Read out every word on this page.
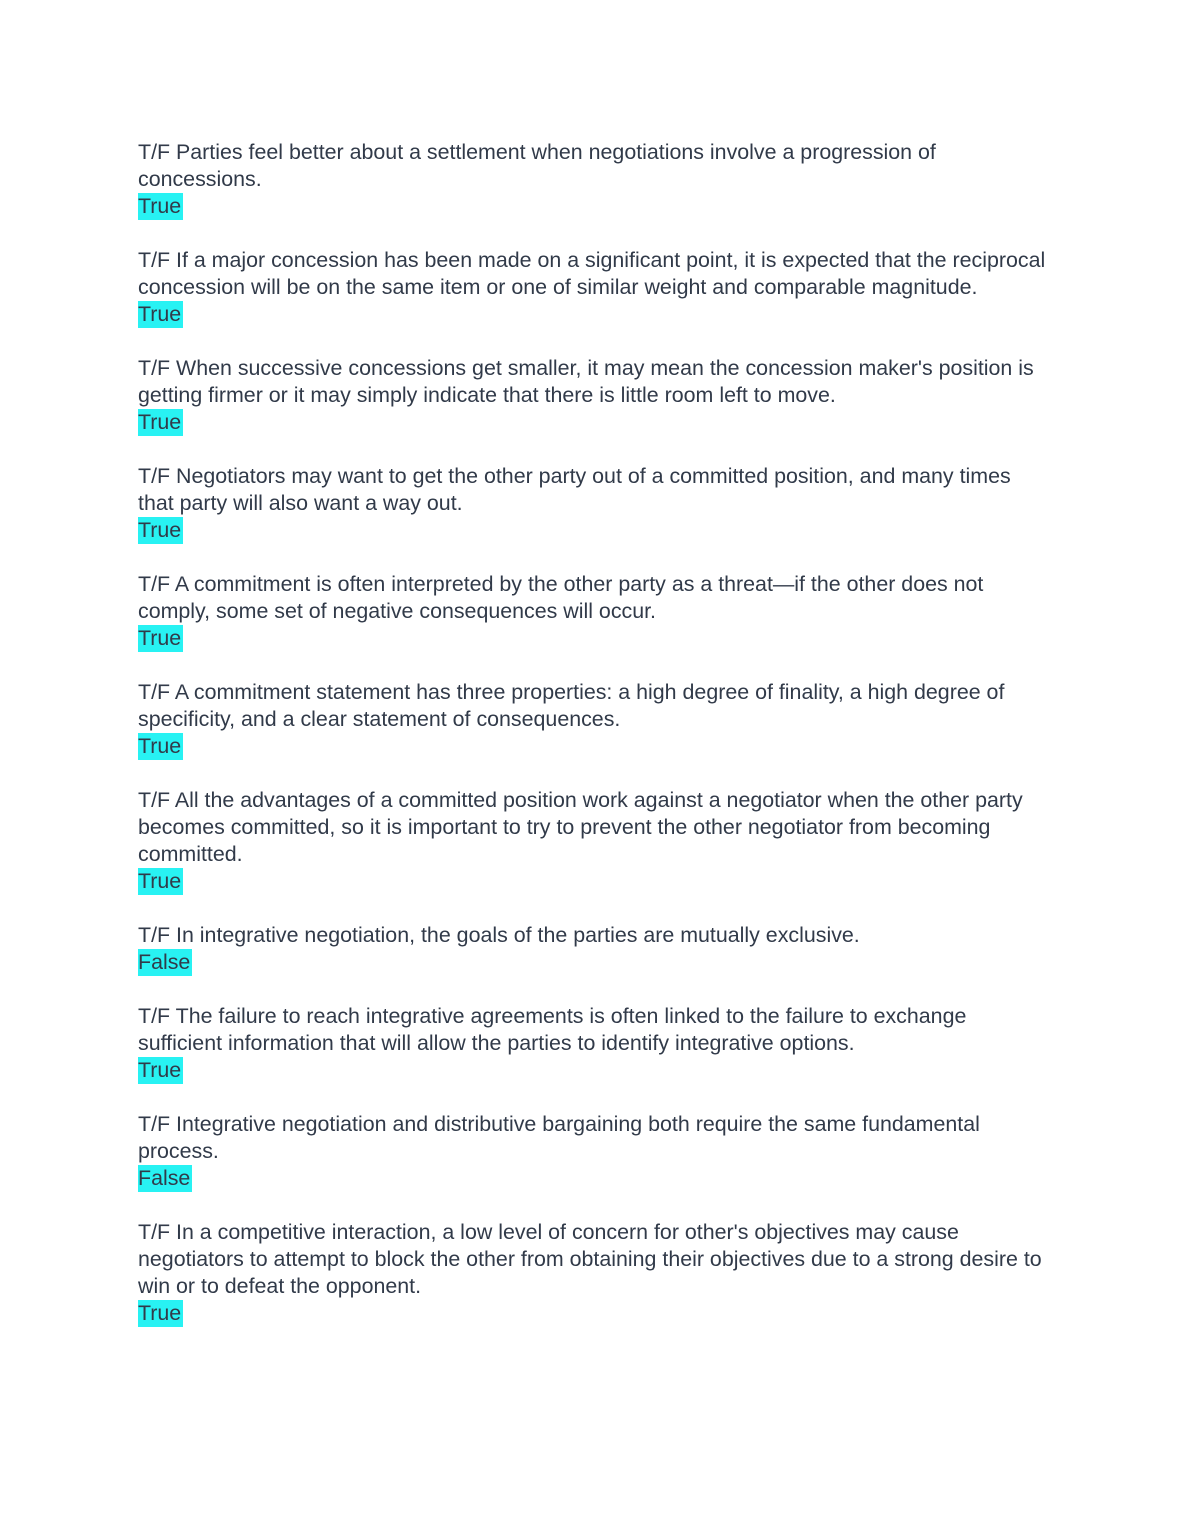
T/F Parties feel better about a settlement when negotiations involve a progression of concessions.
True
T/F If a major concession has been made on a significant point, it is expected that the reciprocal concession will be on the same item or one of similar weight and comparable magnitude.
True
T/F When successive concessions get smaller, it may mean the concession maker's position is getting firmer or it may simply indicate that there is little room left to move.
True
T/F Negotiators may want to get the other party out of a committed position, and many times that party will also want a way out.
True
T/F A commitment is often interpreted by the other party as a threat—if the other does not comply, some set of negative consequences will occur.
True
T/F A commitment statement has three properties: a high degree of finality, a high degree of specificity, and a clear statement of consequences.
True
T/F All the advantages of a committed position work against a negotiator when the other party becomes committed, so it is important to try to prevent the other negotiator from becoming committed.
True
T/F In integrative negotiation, the goals of the parties are mutually exclusive.
False
T/F The failure to reach integrative agreements is often linked to the failure to exchange sufficient information that will allow the parties to identify integrative options.
True
T/F Integrative negotiation and distributive bargaining both require the same fundamental process.
False
T/F In a competitive interaction, a low level of concern for other's objectives may cause negotiators to attempt to block the other from obtaining their objectives due to a strong desire to win or to defeat the opponent.
True
